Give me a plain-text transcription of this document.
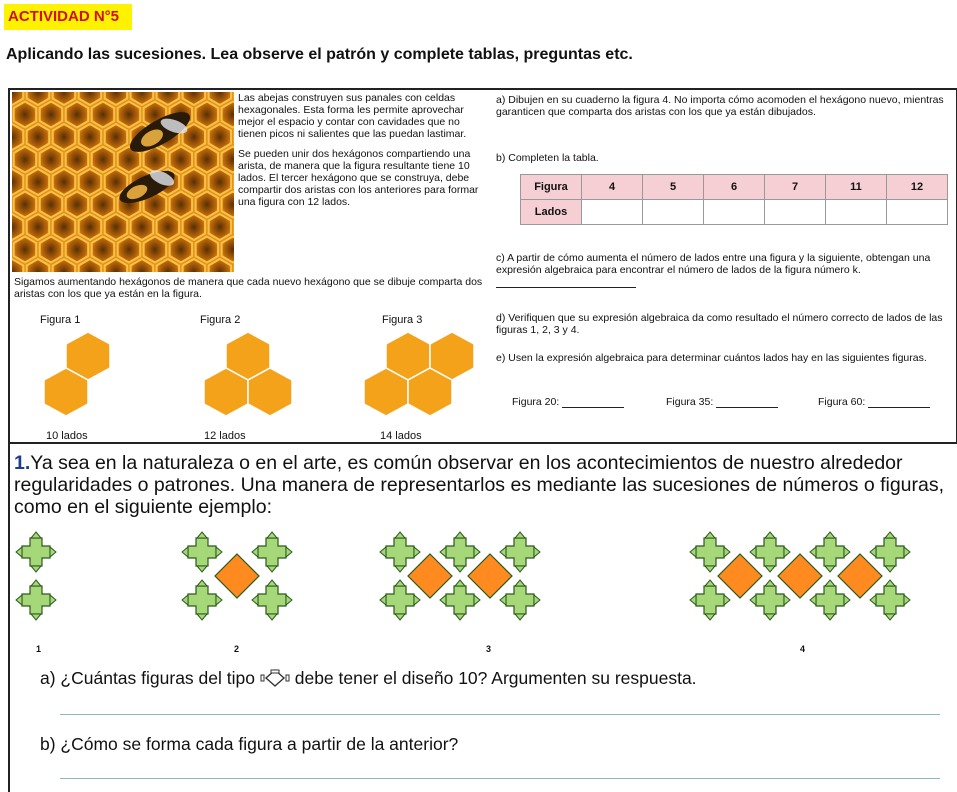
ACTIVIDAD N°5
Aplicando las sucesiones. Lea observe el patrón y complete tablas, preguntas etc.

Las abejas construyen sus panales con celdas hexagonales. Esta forma les permite aprovechar mejor el espacio y contar con cavidades que no tienen picos ni salientes que las puedan lastimar.

Se pueden unir dos hexágonos compartiendo una arista, de manera que la figura resultante tiene 10 lados. El tercer hexágono que se construya, debe compartir dos aristas con los anteriores para formar una figura con 12 lados.

Sigamos aumentando hexágonos de manera que cada nuevo hexágono que se dibuje comparta dos aristas con los que ya están en la figura.
Figura 1	Figura 2	Figura 3
10 lados	12 lados	14 lados
a) Dibujen en su cuaderno la figura 4. No importa cómo acomoden el hexágono nuevo, mientras garanticen que comparta dos aristas con los que ya están dibujados.
b) Completen la tabla.
Figura	4	5	6	7	11	12
Lados						
c) A partir de cómo aumenta el número de lados entre una figura y la siguiente, obtengan una expresión algebraica para encontrar el número de lados de la figura número k.
d) Verifiquen que su expresión algebraica da como resultado el número correcto de lados de las figuras 1, 2, 3 y 4.
e) Usen la expresión algebraica para determinar cuántos lados hay en las siguientes figuras.
Figura 20:	Figura 35:	Figura 60:
1.Ya sea en la naturaleza o en el arte, es común observar en los acontecimientos de nuestro alrededor regularidades o patrones. Una manera de representarlos es mediante las sucesiones de números o figuras, como en el siguiente ejemplo:
1	2	3	4
a) ¿Cuántas figuras del tipo debe tener el diseño 10? Argumenten su respuesta.
b) ¿Cómo se forma cada figura a partir de la anterior?
